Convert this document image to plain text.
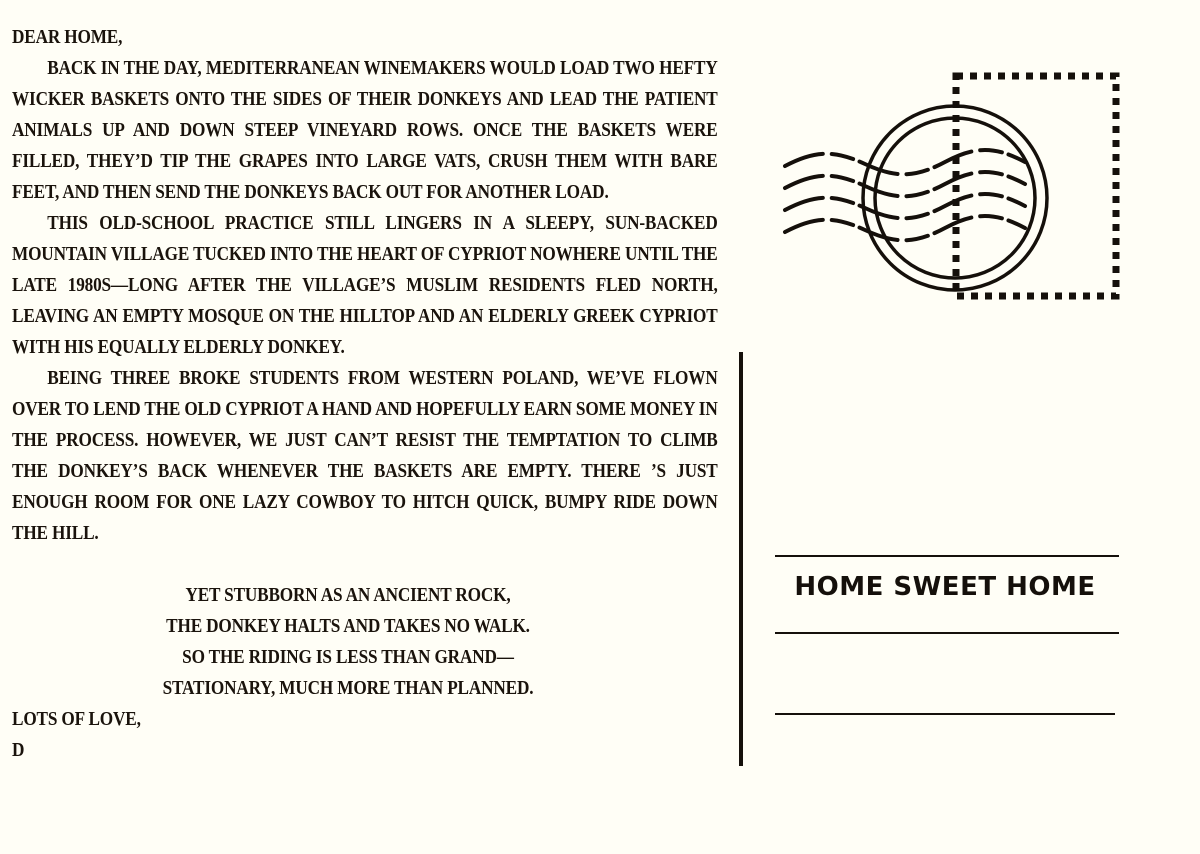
DEAR HOME,

BACK IN THE DAY, MEDITERRANEAN WINEMAKERS WOULD LOAD TWO HEFTY WICKER BASKETS ONTO THE SIDES OF THEIR DONKEYS AND LEAD THE PATIENT ANIMALS UP AND DOWN STEEP VINEYARD ROWS. ONCE THE BASKETS WERE FILLED, THEY’D TIP THE GRAPES INTO LARGE VATS, CRUSH THEM WITH BARE FEET, AND THEN SEND THE DONKEYS BACK OUT FOR ANOTHER LOAD.

THIS OLD-SCHOOL PRACTICE STILL LINGERS IN A SLEEPY, SUN-BACKED MOUNTAIN VILLAGE TUCKED INTO THE HEART OF CYPRIOT NOWHERE UNTIL THE LATE 1980S—LONG AFTER THE VILLAGE’S MUSLIM RESIDENTS FLED NORTH, LEAVING AN EMPTY MOSQUE ON THE HILLTOP AND AN ELDERLY GREEK CYPRIOT WITH HIS EQUALLY ELDERLY DONKEY.

BEING THREE BROKE STUDENTS FROM WESTERN POLAND, WE’VE FLOWN OVER TO LEND THE OLD CYPRIOT A HAND AND HOPEFULLY EARN SOME MONEY IN THE PROCESS. HOWEVER, WE JUST CAN’T RESIST THE TEMPTATION TO CLIMB THE DONKEY’S BACK WHENEVER THE BASKETS ARE EMPTY. THERE ’S JUST ENOUGH ROOM FOR ONE LAZY COWBOY TO HITCH QUICK, BUMPY RIDE DOWN THE HILL.

YET STUBBORN AS AN ANCIENT ROCK,
THE DONKEY HALTS AND TAKES NO WALK.
SO THE RIDING IS LESS THAN GRAND—
STATIONARY, MUCH MORE THAN PLANNED.

LOTS OF LOVE,

D

HOME SWEET HOME
